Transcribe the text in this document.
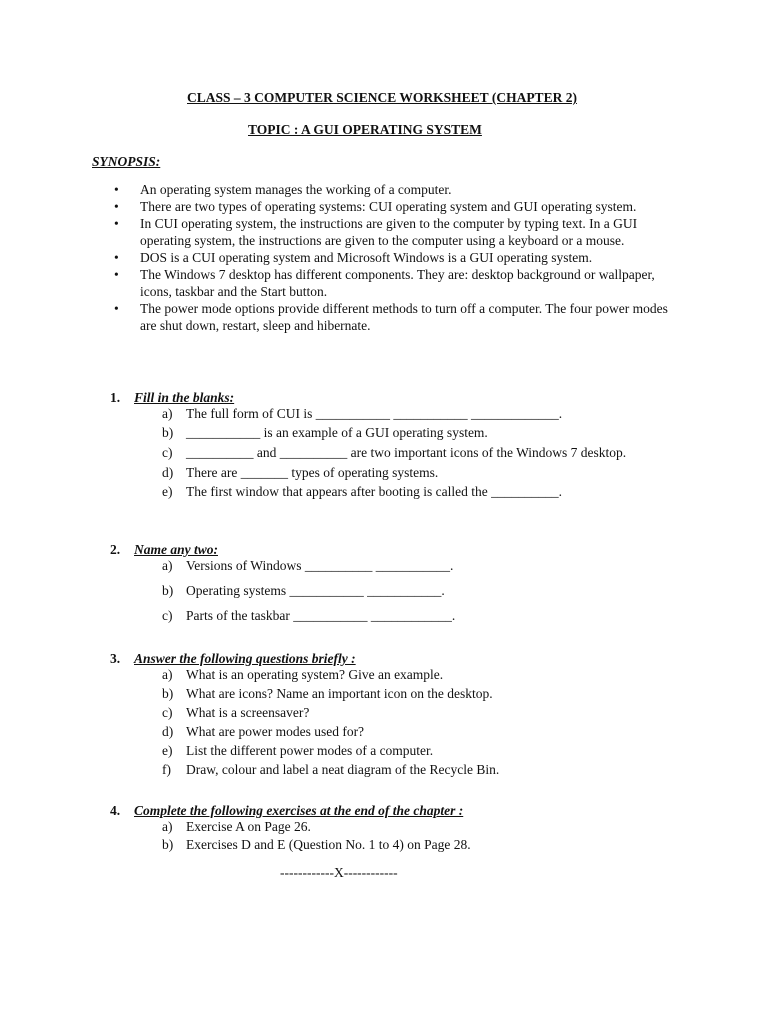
CLASS – 3 COMPUTER SCIENCE WORKSHEET (CHAPTER 2)
TOPIC : A GUI OPERATING SYSTEM
SYNOPSIS:
• An operating system manages the working of a computer.
• There are two types of operating systems: CUI operating system and GUI operating system.
• In CUI operating system, the instructions are given to the computer by typing text. In a GUI operating system, the instructions are given to the computer using a keyboard or a mouse.
• DOS is a CUI operating system and Microsoft Windows is a GUI operating system.
• The Windows 7 desktop has different components. They are: desktop background or wallpaper, icons, taskbar and the Start button.
• The power mode options provide different methods to turn off a computer. The four power modes are shut down, restart, sleep and hibernate.
1. Fill in the blanks:
a) The full form of CUI is ___________ ___________ _____________.
b) ___________ is an example of a GUI operating system.
c) __________ and __________ are two important icons of the Windows 7 desktop.
d) There are _______ types of operating systems.
e) The first window that appears after booting is called the __________.
2. Name any two:
a) Versions of Windows __________ ___________.
b) Operating systems ___________ ___________.
c) Parts of the taskbar ___________ ____________.
3. Answer the following questions briefly :
a) What is an operating system? Give an example.
b) What are icons? Name an important icon on the desktop.
c) What is a screensaver?
d) What are power modes used for?
e) List the different power modes of a computer.
f) Draw, colour and label a neat diagram of the Recycle Bin.
4. Complete the following exercises at the end of the chapter :
a) Exercise A on Page 26.
b) Exercises D and E (Question No. 1 to 4) on Page 28.
------------X------------
